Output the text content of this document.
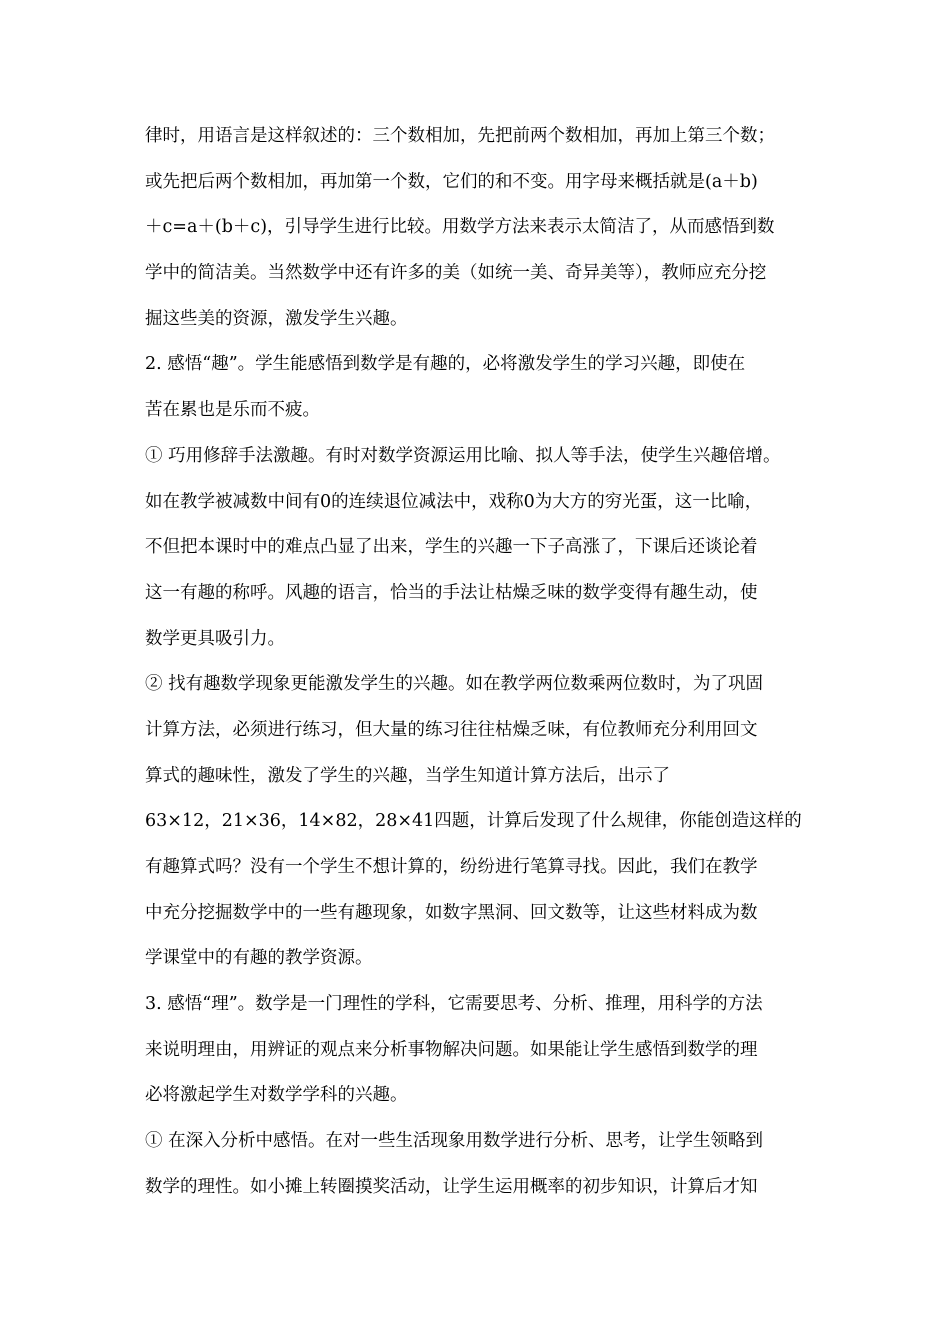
律时，用语言是这样叙述的：三个数相加，先把前两个数相加，再加上第三个数；
或先把后两个数相加，再加第一个数，它们的和不变。用字母来概括就是(a＋b)
＋c=a＋(b＋c)，引导学生进行比较。用数学方法来表示太简洁了，从而感悟到数
学中的简洁美。当然数学中还有许多的美（如统一美、奇异美等），教师应充分挖
掘这些美的资源，激发学生兴趣。
2. 感悟“趣”。学生能感悟到数学是有趣的，必将激发学生的学习兴趣，即使在
苦在累也是乐而不疲。
① 巧用修辞手法激趣。有时对数学资源运用比喻、拟人等手法，使学生兴趣倍增。
如在教学被减数中间有0的连续退位减法中，戏称0为大方的穷光蛋，这一比喻，
不但把本课时中的难点凸显了出来，学生的兴趣一下子高涨了，下课后还谈论着
这一有趣的称呼。风趣的语言，恰当的手法让枯燥乏味的数学变得有趣生动，使
数学更具吸引力。
② 找有趣数学现象更能激发学生的兴趣。如在教学两位数乘两位数时，为了巩固
计算方法，必须进行练习，但大量的练习往往枯燥乏味，有位教师充分利用回文
算式的趣味性，激发了学生的兴趣，当学生知道计算方法后，出示了
63×12，21×36，14×82，28×41四题，计算后发现了什么规律，你能创造这样的
有趣算式吗？没有一个学生不想计算的，纷纷进行笔算寻找。因此，我们在教学
中充分挖掘数学中的一些有趣现象，如数字黑洞、回文数等，让这些材料成为数
学课堂中的有趣的教学资源。
3. 感悟“理”。数学是一门理性的学科，它需要思考、分析、推理，用科学的方法
来说明理由，用辨证的观点来分析事物解决问题。如果能让学生感悟到数学的理
必将激起学生对数学学科的兴趣。
① 在深入分析中感悟。在对一些生活现象用数学进行分析、思考，让学生领略到
数学的理性。如小摊上转圈摸奖活动，让学生运用概率的初步知识，计算后才知
